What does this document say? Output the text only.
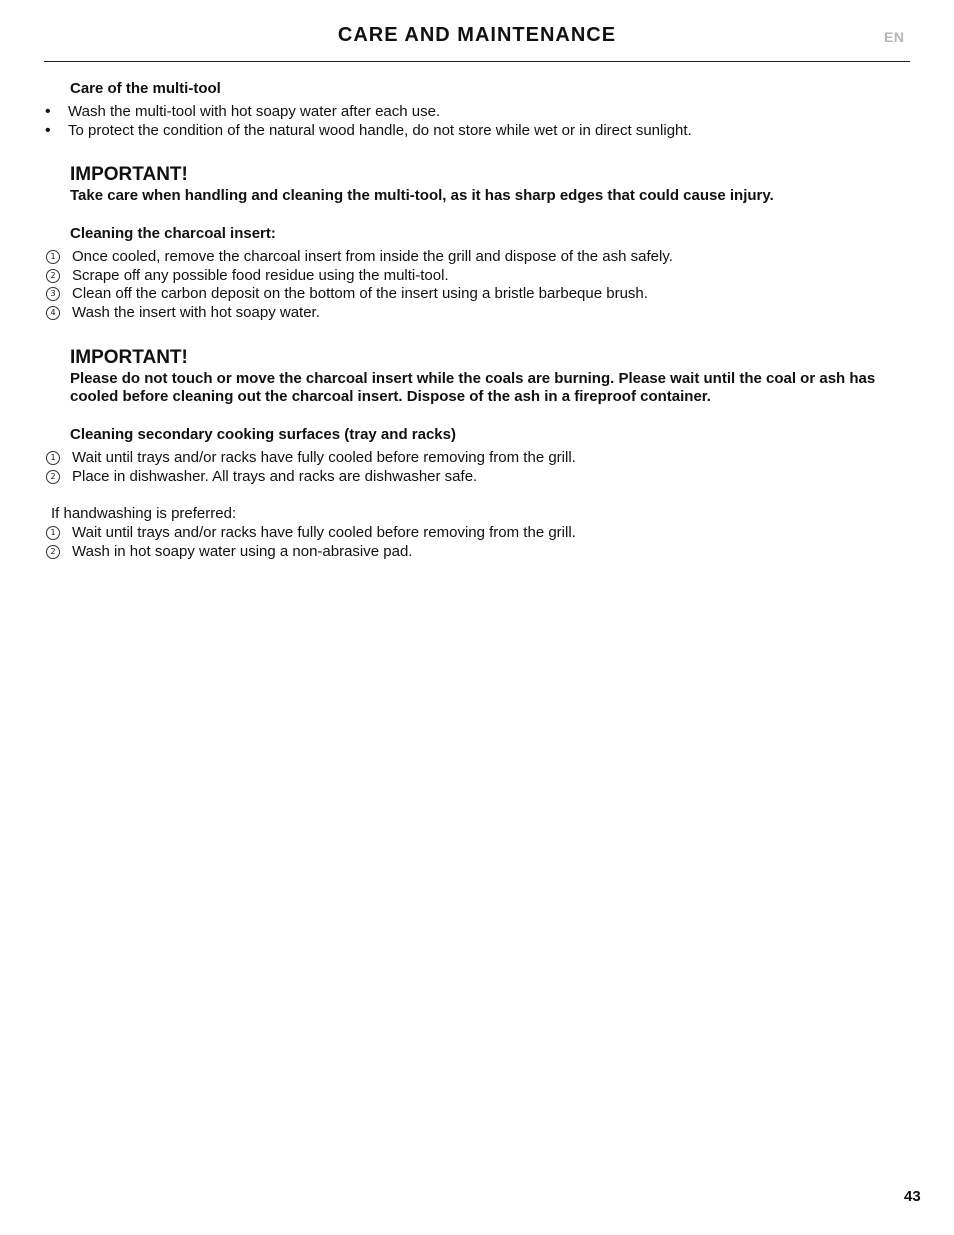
CARE AND MAINTENANCE	EN
Care of the multi-tool
• Wash the multi-tool with hot soapy water after each use.
• To protect the condition of the natural wood handle, do not store while wet or in direct sunlight.
IMPORTANT!
Take care when handling and cleaning the multi-tool, as it has sharp edges that could cause injury.
Cleaning the charcoal insert:
1 Once cooled, remove the charcoal insert from inside the grill and dispose of the ash safely.
2 Scrape off any possible food residue using the multi-tool.
3 Clean off the carbon deposit on the bottom of the insert using a bristle barbeque brush.
4 Wash the insert with hot soapy water.
IMPORTANT!
Please do not touch or move the charcoal insert while the coals are burning. Please wait until the coal or ash has cooled before cleaning out the charcoal insert. Dispose of the ash in a fireproof container.
Cleaning secondary cooking surfaces (tray and racks)
1 Wait until trays and/or racks have fully cooled before removing from the grill.
2 Place in dishwasher. All trays and racks are dishwasher safe.
If handwashing is preferred:
1 Wait until trays and/or racks have fully cooled before removing from the grill.
2 Wash in hot soapy water using a non-abrasive pad.
43
